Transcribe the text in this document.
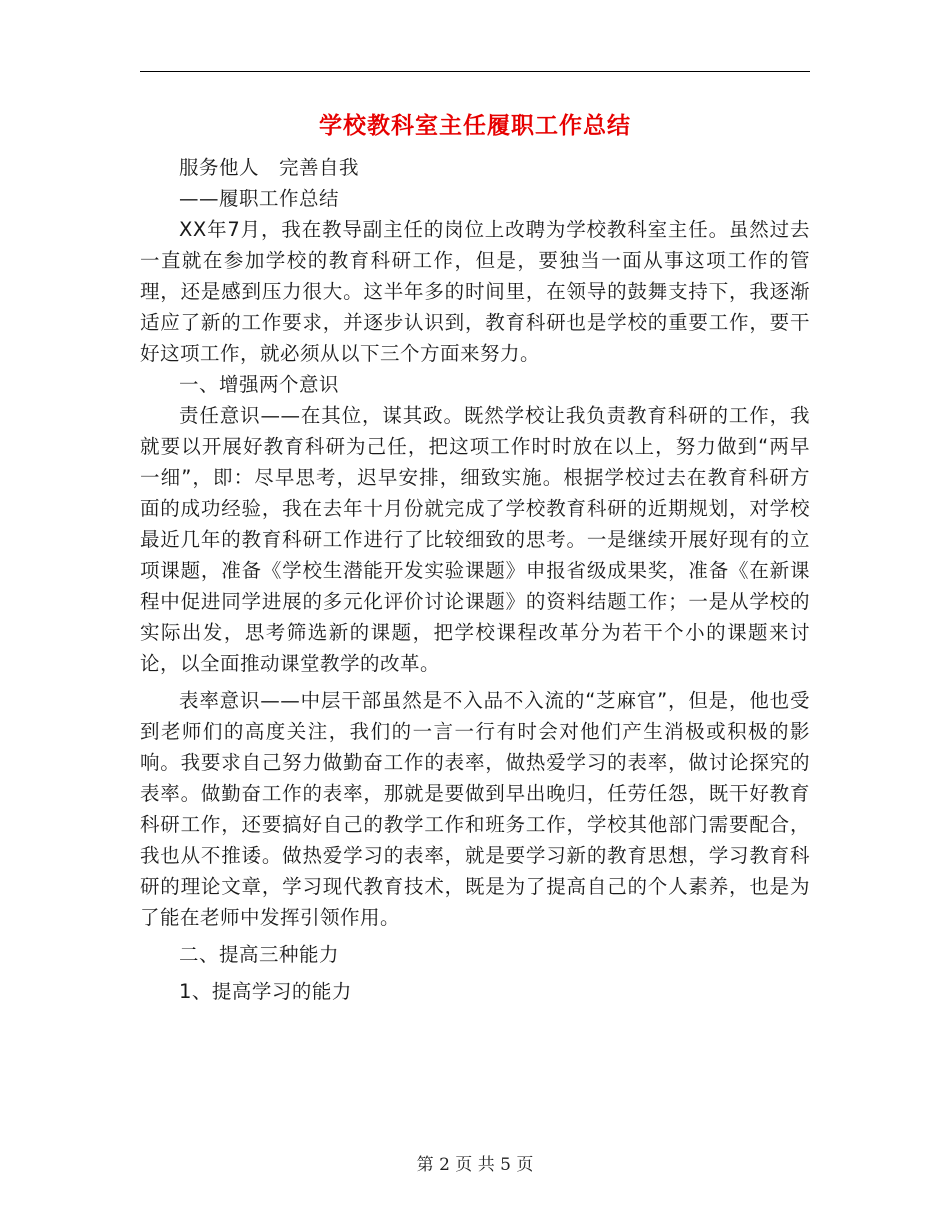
学校教科室主任履职工作总结

服务他人　完善自我

——履职工作总结

XX年7月，我在教导副主任的岗位上改聘为学校教科室主任。虽然过去一直就在参加学校的教育科研工作，但是，要独当一面从事这项工作的管理，还是感到压力很大。这半年多的时间里，在领导的鼓舞支持下，我逐渐适应了新的工作要求，并逐步认识到，教育科研也是学校的重要工作，要干好这项工作，就必须从以下三个方面来努力。

一、增强两个意识

责任意识——在其位，谋其政。既然学校让我负责教育科研的工作，我就要以开展好教育科研为己任，把这项工作时时放在以上，努力做到“两早一细”，即：尽早思考，迟早安排，细致实施。根据学校过去在教育科研方面的成功经验，我在去年十月份就完成了学校教育科研的近期规划，对学校最近几年的教育科研工作进行了比较细致的思考。一是继续开展好现有的立项课题，准备《学校生潜能开发实验课题》申报省级成果奖，准备《在新课程中促进同学进展的多元化评价讨论课题》的资料结题工作；一是从学校的实际出发，思考筛选新的课题，把学校课程改革分为若干个小的课题来讨论，以全面推动课堂教学的改革。

表率意识——中层干部虽然是不入品不入流的“芝麻官”，但是，他也受到老师们的高度关注，我们的一言一行有时会对他们产生消极或积极的影响。我要求自己努力做勤奋工作的表率，做热爱学习的表率，做讨论探究的表率。做勤奋工作的表率，那就是要做到早出晚归，任劳任怨，既干好教育科研工作，还要搞好自己的教学工作和班务工作，学校其他部门需要配合，我也从不推诿。做热爱学习的表率，就是要学习新的教育思想，学习教育科研的理论文章，学习现代教育技术，既是为了提高自己的个人素养，也是为了能在老师中发挥引领作用。

二、提高三种能力

1、提高学习的能力

第 2 页 共 5 页
